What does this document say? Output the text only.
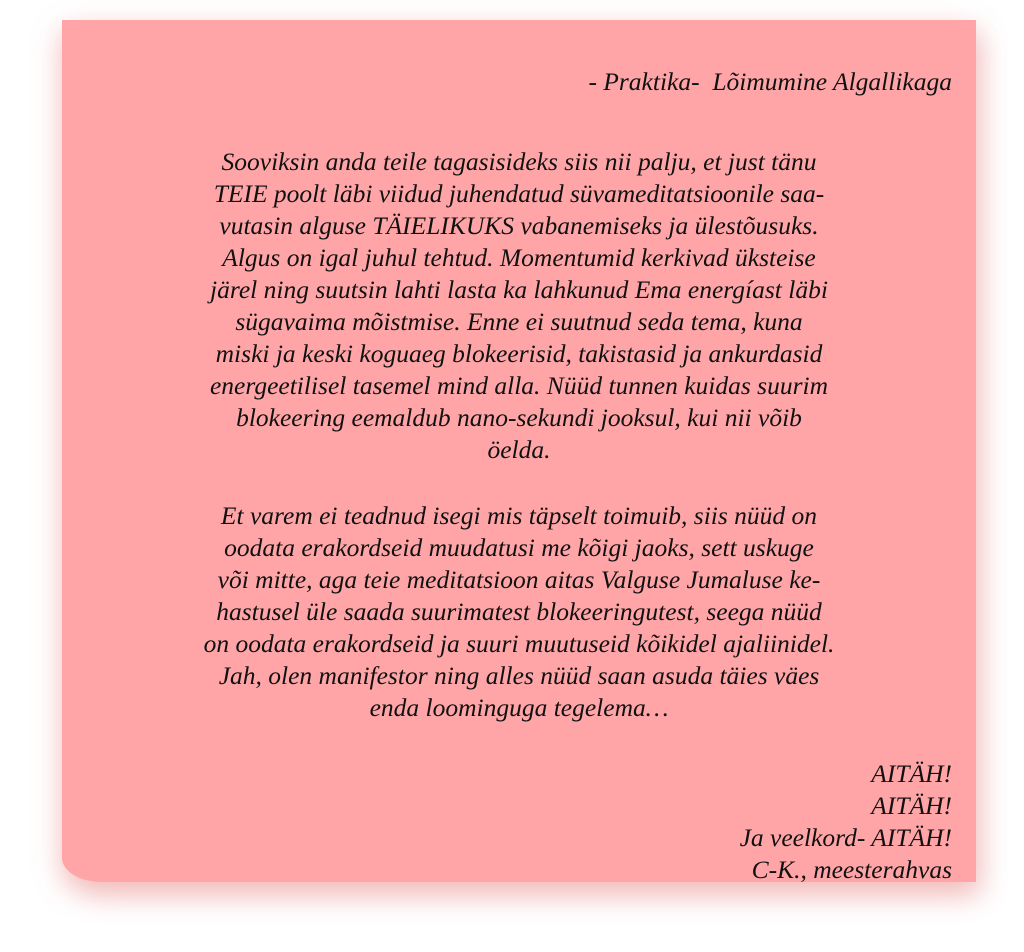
- Praktika-  Lõimumine Algallikaga

Sooviksin anda teile tagasisideks siis nii palju, et just tänu
TEIE poolt läbi viidud juhendatud süvameditatsioonile saa-
vutasin alguse TÄIELIKUKS vabanemiseks ja ülestõusuks.
Algus on igal juhul tehtud. Momentumid kerkivad üksteise
järel ning suutsin lahti lasta ka lahkunud Ema energíast läbi
sügavaima mõistmise. Enne ei suutnud seda tema, kuna
miski ja keski koguaeg blokeerisid, takistasid ja ankurdasid
energeetilisel tasemel mind alla. Nüüd tunnen kuidas suurim
blokeering eemaldub nano-sekundi jooksul, kui nii võib
öelda.

Et varem ei teadnud isegi mis täpselt toimuib, siis nüüd on
oodata erakordseid muudatusi me kõigi jaoks, sett uskuge
või mitte, aga teie meditatsioon aitas Valguse Jumaluse ke-
hastusel üle saada suurimatest blokeeringutest, seega nüüd
on oodata erakordseid ja suuri muutuseid kõikidel ajaliinidel.
Jah, olen manifestor ning alles nüüd saan asuda täies väes
enda loominguga tegelema…

AITÄH!
AITÄH!
Ja veelkord- AITÄH!
C-K., meesterahvas
